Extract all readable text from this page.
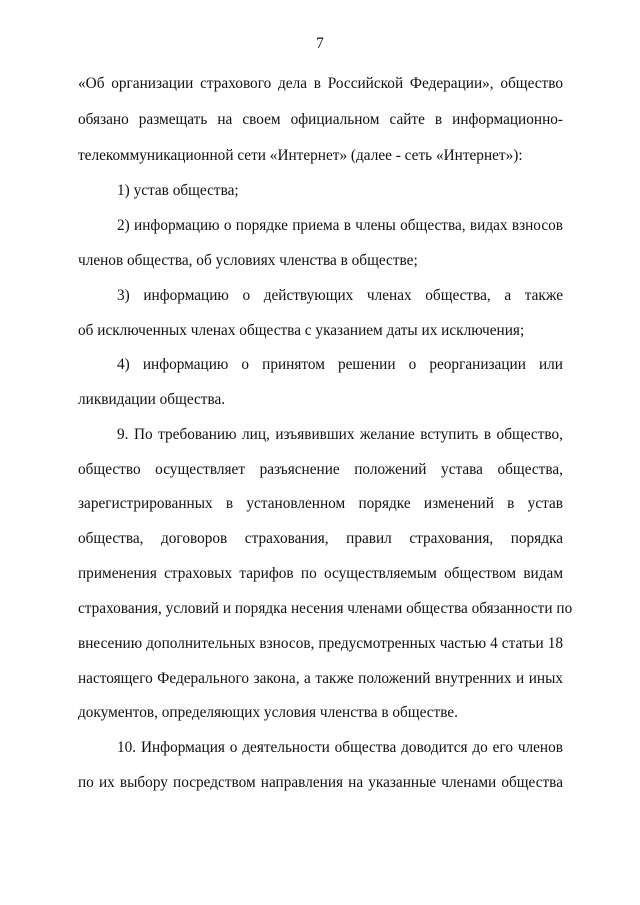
7
«Об организации страхового дела в Российской Федерации», общество
обязано размещать на своем официальном сайте в информационно-
телекоммуникационной сети «Интернет» (далее - сеть «Интернет»):
1) устав общества;
2) информацию о порядке приема в члены общества, видах взносов
членов общества, об условиях членства в обществе;
3) информацию о действующих членах общества, а также
об исключенных членах общества с указанием даты их исключения;
4) информацию о принятом решении о реорганизации или
ликвидации общества.
9. По требованию лиц, изъявивших желание вступить в общество,
общество осуществляет разъяснение положений устава общества,
зарегистрированных в установленном порядке изменений в устав
общества, договоров страхования, правил страхования, порядка
применения страховых тарифов по осуществляемым обществом видам
страхования, условий и порядка несения членами общества обязанности по
внесению дополнительных взносов, предусмотренных частью 4 статьи 18
настоящего Федерального закона, а также положений внутренних и иных
документов, определяющих условия членства в обществе.
10. Информация о деятельности общества доводится до его членов
по их выбору посредством направления на указанные членами общества
